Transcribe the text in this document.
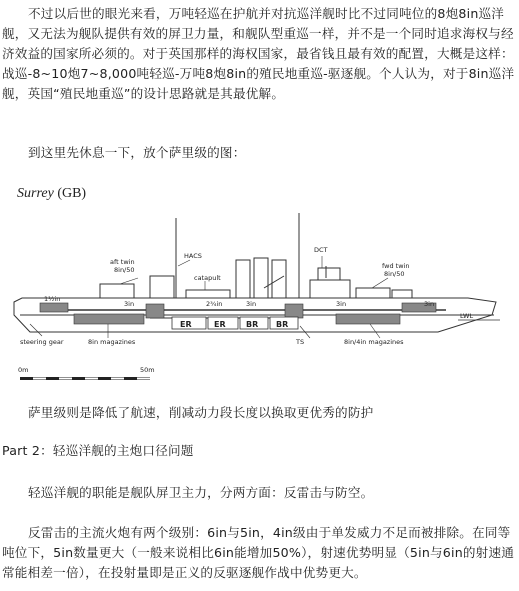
不过以后世的眼光来看，万吨轻巡在护航并对抗巡洋舰时比不过同吨位的8炮8in巡洋舰，又无法为舰队提供有效的屏卫力量，和舰队型重巡一样，并不是一个同时追求海权与经济效益的国家所必须的。对于英国那样的海权国家，最省钱且最有效的配置，大概是这样：战巡-8~10炮7~8,000吨轻巡-万吨8炮8in的殖民地重巡-驱逐舰。个人认为，对于8in巡洋舰，英国“殖民地重巡”的设计思路就是其最优解。

到这里先休息一下，放个萨里级的图：

Surrey (GB)
aft twin
8in/50
HACS
catapult
DCT
fwd twin
8in/50
1½in
3in	2¾in	3in	3in	3in
LWL
steering gear	8in magazines	TS	8in/4in magazines
ER	ER	BR BR
0m	50m

萨里级则是降低了航速，削减动力段长度以换取更优秀的防护

Part 2：轻巡洋舰的主炮口径问题

轻巡洋舰的职能是舰队屏卫主力，分两方面：反雷击与防空。

反雷击的主流火炮有两个级别：6in与5in，4in级由于单发威力不足而被排除。在同等吨位下，5in数量更大（一般来说相比6in能增加50%），射速优势明显（5in与6in的射速通常能相差一倍），在投射量即是正义的反驱逐舰作战中优势更大。
